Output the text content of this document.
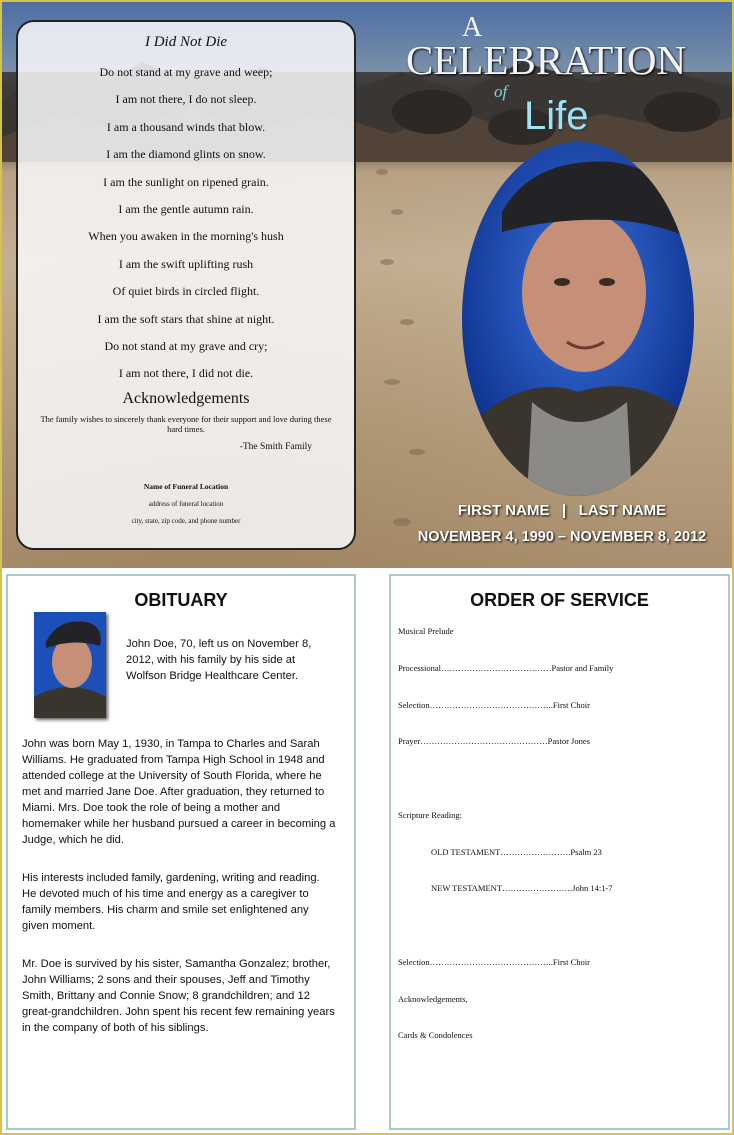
I Did Not Die
Do not stand at my grave and weep;
I am not there, I do not sleep.
I am a thousand winds that blow.
I am the diamond glints on snow.
I am the sunlight on ripened grain.
I am the gentle autumn rain.
When you awaken in the morning's hush
I am the swift uplifting rush
Of quiet birds in circled flight.
I am the soft stars that shine at night.
Do not stand at my grave and cry;
I am not there, I did not die.
Acknowledgements
The family wishes to sincerely thank everyone for their support and love during these hard times.
-The Smith Family
Name of Funeral Location
address of funeral location
city, state, zip code, and phone number
A
CELEBRATION
of
Life
FIRST NAME   |   LAST NAME
NOVEMBER 4, 1990 – NOVEMBER 8, 2012
OBITUARY
John Doe, 70, left us on November 8, 2012, with his family by his side at Wolfson Bridge Healthcare Center.

John was born May 1, 1930, in Tampa to Charles and Sarah Williams. He graduated from Tampa High School in 1948 and attended college at the University of South Florida, where he met and married Jane Doe. After graduation, they returned to Miami. Mrs. Doe took the role of being a mother and homemaker while her husband pursued a career in becoming a Judge, which he did.

His interests included family, gardening, writing and reading. He devoted much of his time and energy as a caregiver to family members. His charm and smile set enlightened any given moment.

Mr. Doe is survived by his sister, Samantha Gonzalez; brother, John Williams; 2 sons and their spouses, Jeff and Timothy Smith, Brittany and Connie Snow; 8 grandchildren; and 12 great-grandchildren. John spent his recent few remaining years in the company of both of his siblings.

ORDER OF SERVICE
Musical Prelude
Processional…………………………………Pastor and Family
Selection……………………………………..First Choir
Prayer………………………………………Pastor Jones
Scripture Reading:
OLD TESTAMENT…………………….Psalm 23
NEW TESTAMENT…………………….John 14:1-7
Selection……………………………………..First Choir
Acknowledgements,
Cards & Condolences
